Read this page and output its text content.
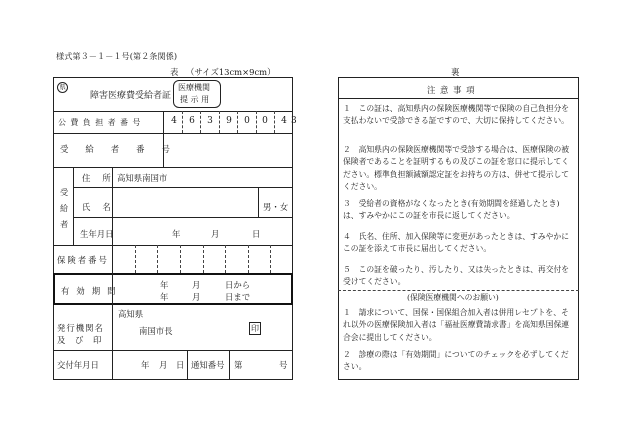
様式第３－１－１号(第２条関係)
表 （サイズ13cm×9cm）	裏
県
障害医療費受給者証
医療機関
提 示 用
公費負担者番号	4	6	3	9	0	0	4 3
受給者番号
受給者
住所
高知県南国市
氏名	男・女
生年月日	年	月	日
保険者番号
有効期間
年	月	日から
年	月	日まで
発行機関名
及び印
高知県
南国市長	印
交付年月日	年 月 日 通知番号 第	号
注 意 事 項
１　この証は、高知県内の保険医療機関等で保険の自己負担分を支払わないで受診できる証ですので、大切に保持してください。
２　高知県内の保険医療機関等で受診する場合は、医療保険の被保険者であることを証明するもの及びこの証を窓口に提示してください。標準負担額減額認定証をお持ちの方は、併せて提示してください。
３　受給者の資格がなくなったとき(有効期間を経過したとき)は、すみやかにこの証を市長に返してください。
４　氏名、住所、加入保険等に変更があったときは、すみやかにこの証を添えて市長に届出してください。
５　この証を破ったり、汚したり、又は失ったときは、再交付を受けてください。
(保険医療機関へのお願い)
１　請求について、国保・国保組合加入者は併用レセプトを、それ以外の医療保険加入者は「福祉医療費請求書」を高知県国保連合会に提出してください。
２　診療の際は「有効期間」についてのチェックを必ずしてください。
